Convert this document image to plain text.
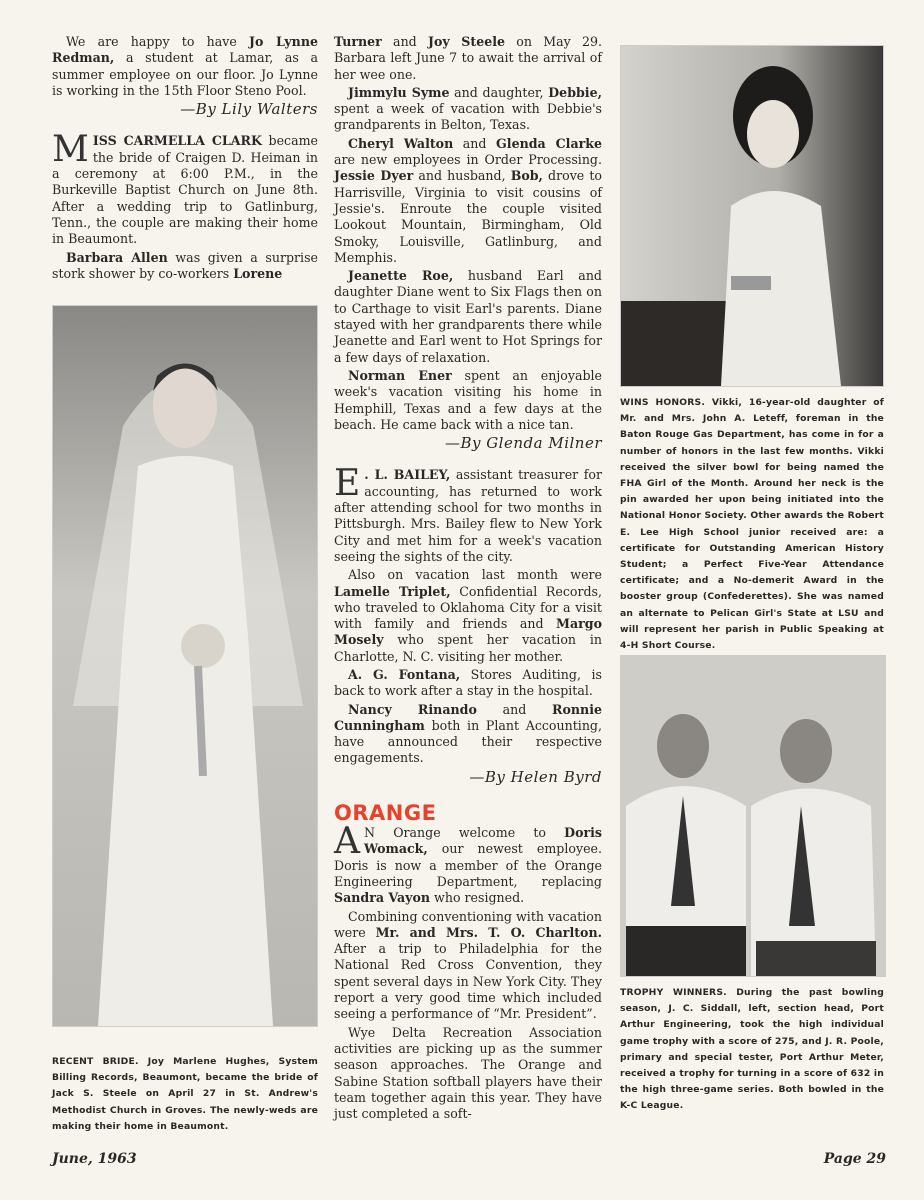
We are happy to have Jo Lynne Redman, a student at Lamar, as a summer employee on our floor. Jo Lynne is working in the 15th Floor Steno Pool.

—By Lily Walters

MISS CARMELLA CLARK became the bride of Craigen D. Heiman in a ceremony at 6:00 P.M., in the Burkeville Baptist Church on June 8th. After a wedding trip to Gatlinburg, Tenn., the couple are making their home in Beaumont.

Barbara Allen was given a surprise stork shower by co-workers Lorene

Turner and Joy Steele on May 29. Barbara left June 7 to await the arrival of her wee one.

Jimmylu Syme and daughter, Debbie, spent a week of vacation with Debbie's grandparents in Belton, Texas.

Cheryl Walton and Glenda Clarke are new employees in Order Processing. Jessie Dyer and husband, Bob, drove to Harrisville, Virginia to visit cousins of Jessie's. Enroute the couple visited Lookout Mountain, Birmingham, Old Smoky, Louisville, Gatlinburg, and Memphis.

Jeanette Roe, husband Earl and daughter Diane went to Six Flags then on to Carthage to visit Earl's parents. Diane stayed with her grandparents there while Jeanette and Earl went to Hot Springs for a few days of relaxation.

Norman Ener spent an enjoyable week's vacation visiting his home in Hemphill, Texas and a few days at the beach. He came back with a nice tan.

—By Glenda Milner

E . L. BAILEY, assistant treasurer for accounting, has returned to work after attending school for two months in Pittsburgh. Mrs. Bailey flew to New York City and met him for a week's vacation seeing the sights of the city.

Also on vacation last month were Lamelle Triplet, Confidential Records, who traveled to Oklahoma City for a visit with family and friends and Margo Mosely who spent her vacation in Charlotte, N. C. visiting her mother.

A. G. Fontana, Stores Auditing, is back to work after a stay in the hospital.

Nancy Rinando and Ronnie Cunningham both in Plant Accounting, have announced their respective engagements.

—By Helen Byrd
ORANGE

A N Orange welcome to Doris Womack, our newest employee. Doris is now a member of the Orange Engineering Department, replacing Sandra Vayon who resigned.

Combining conventioning with vacation were Mr. and Mrs. T. O. Charlton. After a trip to Philadelphia for the National Red Cross Convention, they spent several days in New York City. They report a very good time which included seeing a performance of “Mr. President”.

Wye Delta Recreation Association activities are picking up as the summer season approaches. The Orange and Sabine Station softball players have their team together again this year. They have just completed a soft-

RECENT BRIDE. Joy Marlene Hughes, System Billing Records, Beaumont, became the bride of Jack S. Steele on April 27 in St. Andrew's Methodist Church in Groves. The newly-weds are making their home in Beaumont.
WINS HONORS. Vikki, 16-year-old daughter of Mr. and Mrs. John A. Leteff, foreman in the Baton Rouge Gas Department, has come in for a number of honors in the last few months. Vikki received the silver bowl for being named the FHA Girl of the Month. Around her neck is the pin awarded her upon being initiated into the National Honor Society. Other awards the Robert E. Lee High School junior received are: a certificate for Outstanding American History Student; a Perfect Five-Year Attendance certificate; and a No-demerit Award in the booster group (Confederettes). She was named an alternate to Pelican Girl's State at LSU and will represent her parish in Public Speaking at 4-H Short Course.
TROPHY WINNERS. During the past bowling season, J. C. Siddall, left, section head, Port Arthur Engineering, took the high individual game trophy with a score of 275, and J. R. Poole, primary and special tester, Port Arthur Meter, received a trophy for turning in a score of 632 in the high three-game series. Both bowled in the K-C League.
June, 1963	Page 29
